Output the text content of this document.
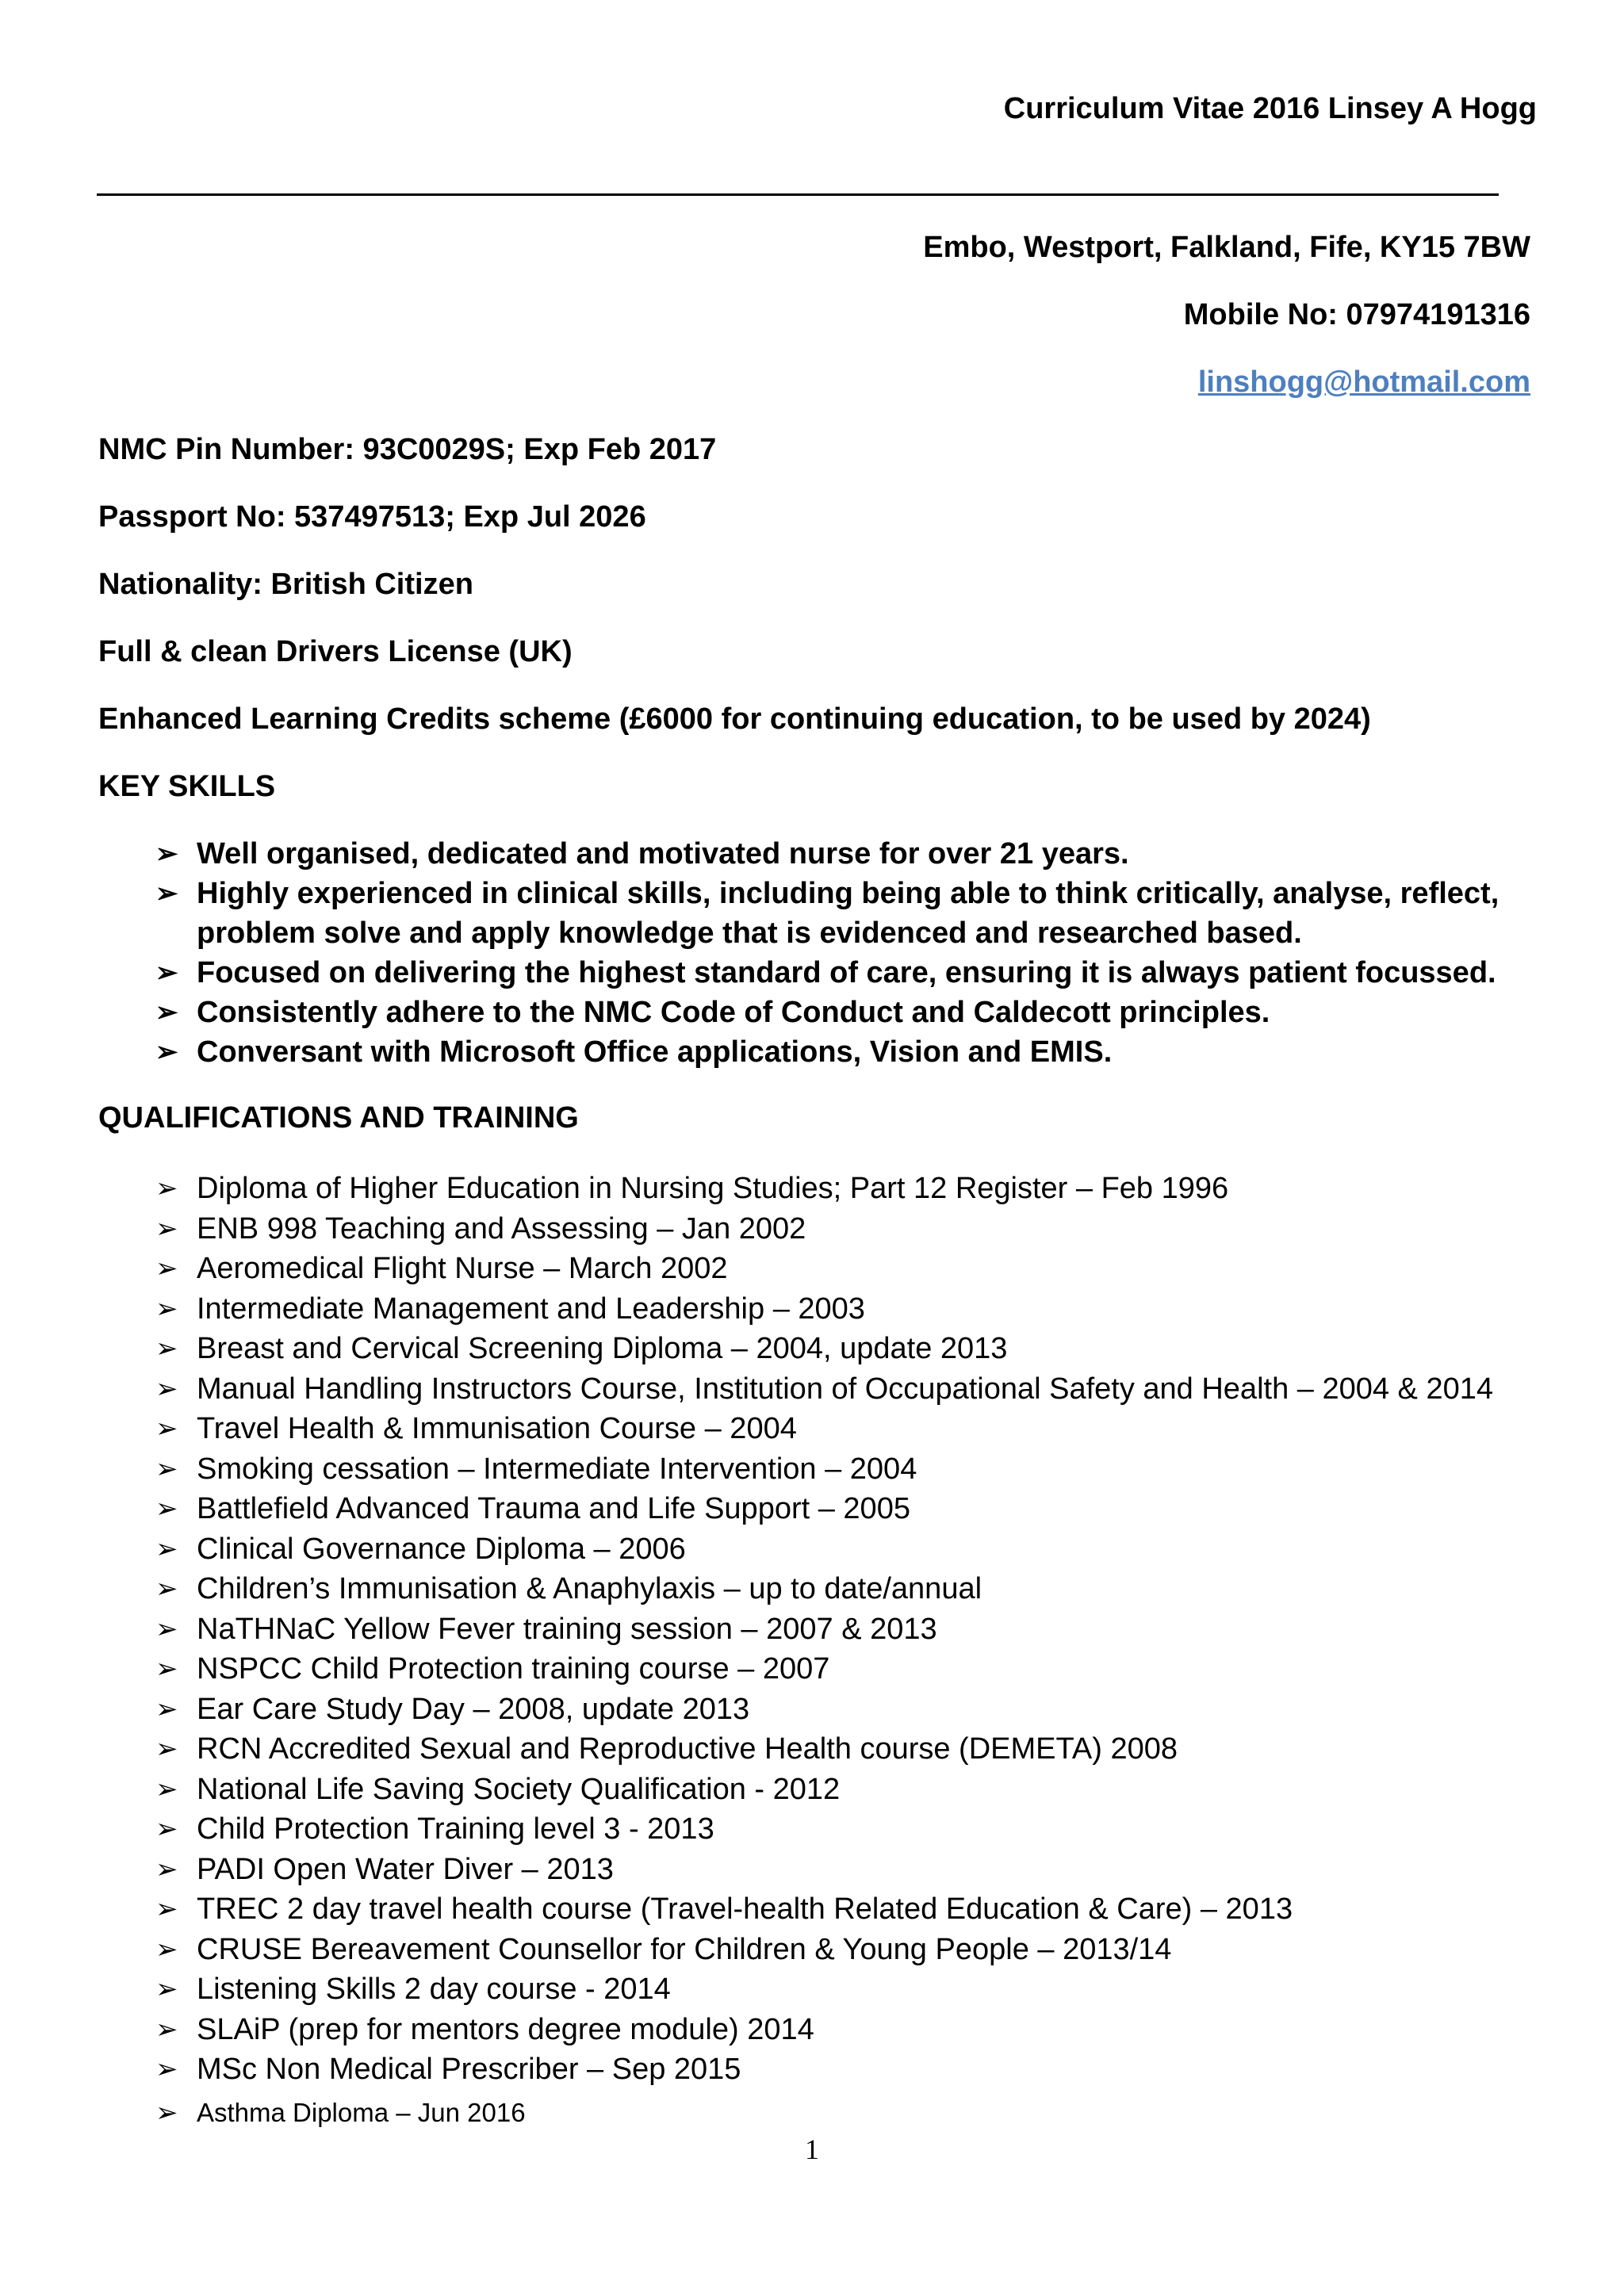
Curriculum Vitae 2016 Linsey A Hogg
Embo, Westport, Falkland, Fife, KY15 7BW
Mobile No: 07974191316
linshogg@hotmail.com
NMC Pin Number: 93C0029S; Exp Feb 2017
Passport No: 537497513; Exp Jul 2026
Nationality: British Citizen
Full & clean Drivers License (UK)
Enhanced Learning Credits scheme (£6000 for continuing education, to be used by 2024)
KEY SKILLS
➢ Well organised, dedicated and motivated nurse for over 21 years.
➢ Highly experienced in clinical skills, including being able to think critically, analyse, reflect, problem solve and apply knowledge that is evidenced and researched based.
➢ Focused on delivering the highest standard of care, ensuring it is always patient focussed.
➢ Consistently adhere to the NMC Code of Conduct and Caldecott principles.
➢ Conversant with Microsoft Office applications, Vision and EMIS.
QUALIFICATIONS AND TRAINING
➢ Diploma of Higher Education in Nursing Studies; Part 12 Register – Feb 1996
➢ ENB 998 Teaching and Assessing – Jan 2002
➢ Aeromedical Flight Nurse – March 2002
➢ Intermediate Management and Leadership – 2003
➢ Breast and Cervical Screening Diploma – 2004, update 2013
➢ Manual Handling Instructors Course, Institution of Occupational Safety and Health – 2004 & 2014
➢ Travel Health & Immunisation Course – 2004
➢ Smoking cessation – Intermediate Intervention – 2004
➢ Battlefield Advanced Trauma and Life Support – 2005
➢ Clinical Governance Diploma – 2006
➢ Children’s Immunisation & Anaphylaxis – up to date/annual
➢ NaTHNaC Yellow Fever training session – 2007 & 2013
➢ NSPCC Child Protection training course – 2007
➢ Ear Care Study Day – 2008, update 2013
➢ RCN Accredited Sexual and Reproductive Health course (DEMETA) 2008
➢ National Life Saving Society Qualification - 2012
➢ Child Protection Training level 3 - 2013
➢ PADI Open Water Diver – 2013
➢ TREC 2 day travel health course (Travel-health Related Education & Care) – 2013
➢ CRUSE Bereavement Counsellor for Children & Young People – 2013/14
➢ Listening Skills 2 day course - 2014
➢ SLAiP (prep for mentors degree module) 2014
➢ MSc Non Medical Prescriber – Sep 2015
➢ Asthma Diploma – Jun 2016
1
